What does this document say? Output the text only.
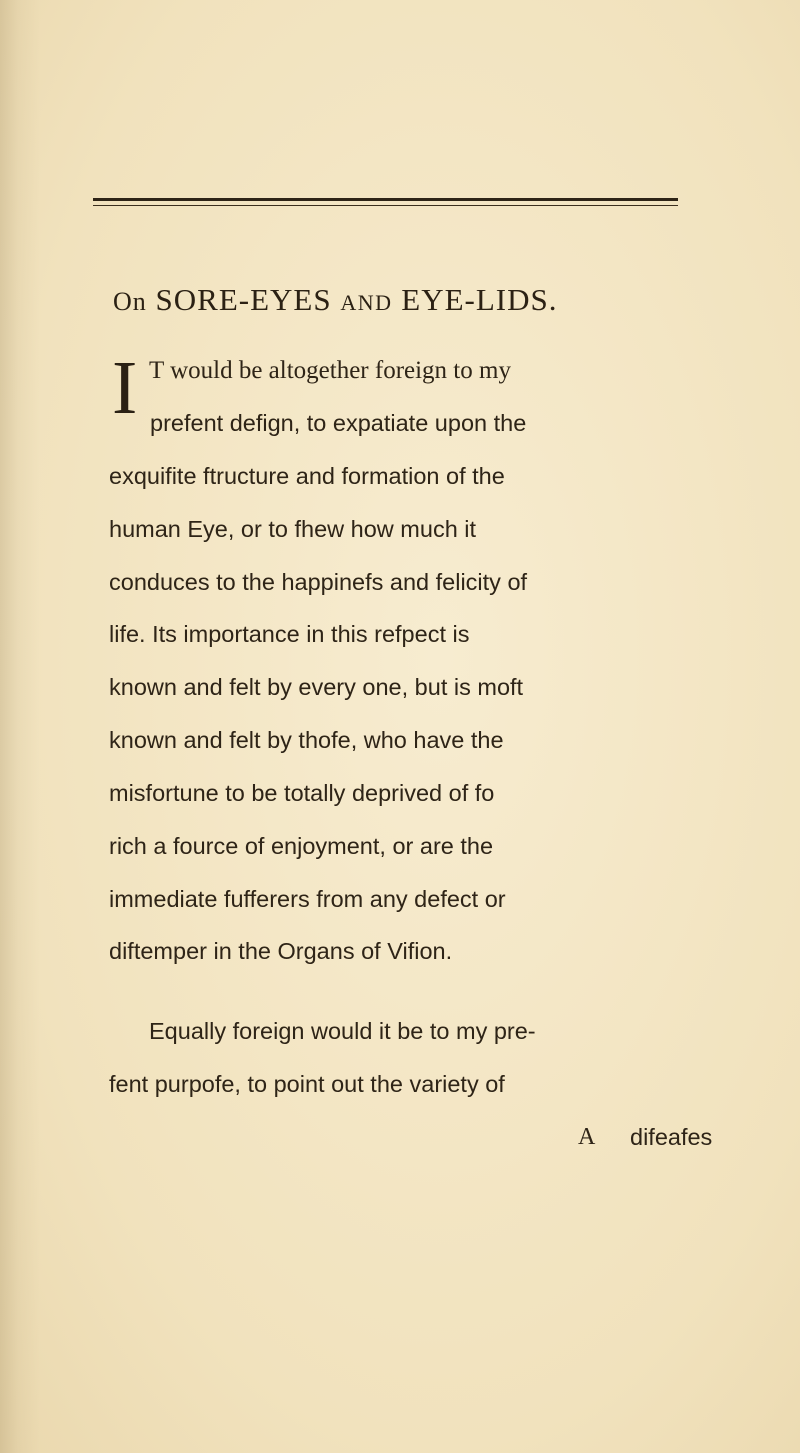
On SORE-EYES AND EYE-LIDS.
I T would be altogether foreign to my
prefent defign, to expatiate upon the
exquifite ftructure and formation of the
human Eye, or to fhew how much it
conduces to the happinefs and felicity of
life. Its importance in this refpect is
known and felt by every one, but is moft
known and felt by thofe, who have the
misfortune to be totally deprived of fo
rich a fource of enjoyment, or are the
immediate fufferers from any defect or
diftemper in the Organs of Vifion.
Equally foreign would it be to my pre-
fent purpofe, to point out the variety of
A difeafes
